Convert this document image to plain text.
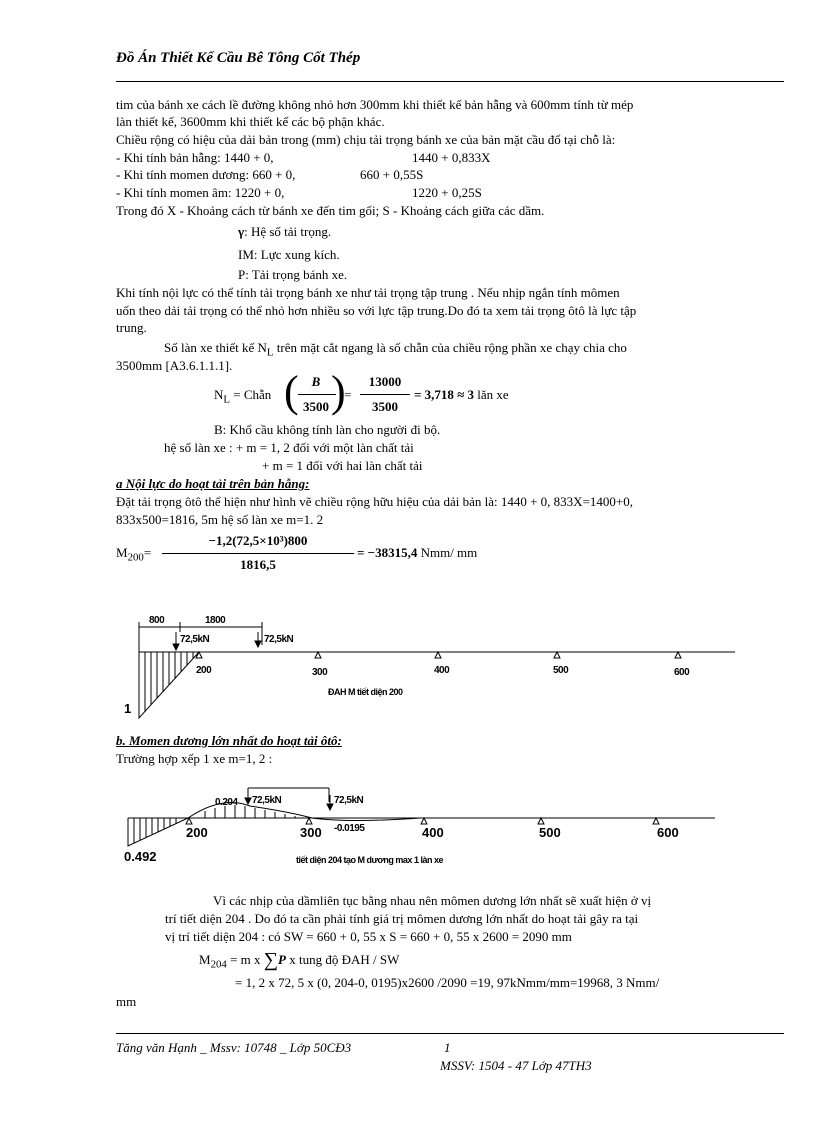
Đồ Án Thiết Kế Cầu Bê Tông Cốt Thép
tim của bánh xe cách lề đường không nhỏ hơn 300mm khi thiết kế bản hẫng và 600mm tính từ mép
làn thiết kế, 3600mm khi thiết kế các bộ phận khác.
Chiều rộng có hiệu của dải bản trong (mm) chịu tải trọng bánh xe của bản mặt cầu đổ tại chỗ là:
- Khi tính bản hẫng: 1440 + 0,	1440 + 0,833X
- Khi tính momen dương: 660 + 0,	660 + 0,55S
- Khi tính momen âm: 1220 + 0,	1220 + 0,25S
Trong đó X - Khoảng cách từ bánh xe đến tim gối; S - Khoảng cách giữa các dầm.
γ: Hệ số tải trọng.
IM: Lực xung kích.
P: Tải trọng bánh xe.
Khi tính nội lực có thể tính tải trọng bánh xe như tải trọng tập trung . Nếu nhịp ngắn tính mômen
uốn theo dải tải trọng có thể nhỏ hơn nhiều so với lực tập trung.Do đó ta xem tải trọng ôtô là lực tập
trung.
Số làn xe thiết kế $N_L$ trên mặt cắt ngang là số chẵn của chiều rộng phần xe chạy chia cho
3500mm [A3.6.1.1.1].
$N_L$ = Chẵn ( )
B
3500
=
13000
3500
= 3,718 ≈ 3 lăn xe
B: Khổ cầu không tính làn cho người đi bộ.
hệ số làn xe : + m = 1, 2 đối với một làn chất tải
+ m = 1 đối với hai làn chất tải
a Nội lực do hoạt tải trên bản hẫng:
Đặt tải trọng ôtô thể hiện như hình vẽ chiều rộng hữu hiệu của dải bản là: 1440 + 0, 833X=1400+0,
833x500=1816, 5m hệ số làn xe m=1. 2
$M_{200}=$
−1,2(72,5×10³)800
1816,5
= −38315,4 Nmm/ mm
800	1800
72,5kN	72,5kN
200	300	400	500	600
ĐAH M tiết diện 200
1
b. Momen dương lớn nhất do hoạt tải ôtô:
Trường hợp xếp 1 xe m=1, 2 :
0.204 72,5kN	72,5kN
-0.0195
200	300	400	500	600
0.492	tiết diện 204 tạo M dương max 1 làn xe
Vì các nhịp của dầmliên tục bằng nhau nên mômen dương lớn nhất sẽ xuất hiện ở vị
trí tiết diện 204 . Do đó ta cần phải tính giá trị mômen dương lớn nhất do hoạt tải gây ra tại
vị trí tiết diện 204 : có SW = 660 + 0, 55 x S = 660 + 0, 55 x 2600 = 2090 mm
$M_{204} = m$ x ∑P x tung độ ĐAH / SW
= 1, 2 x 72, 5 x (0, 204-0, 0195)x2600 /2090 =19, 97kNmm/mm=19968, 3 Nmm/
mm
Tăng văn Hạnh _ Mssv: 10748 _ Lớp 50CĐ3	1
MSSV: 1504 - 47 Lớp 47TH3
